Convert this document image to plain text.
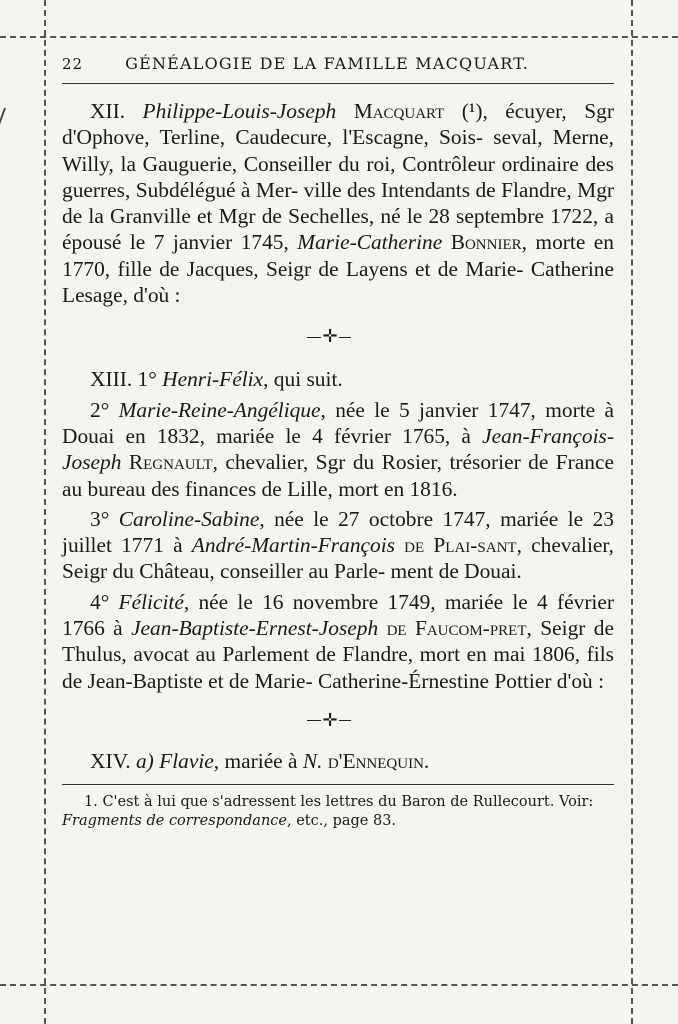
22	GÉNÉALOGIE DE LA FAMILLE MACQUART.

XII. Philippe-Louis-Joseph Macquart (¹), écuyer, Sgr d'Ophove, Terline, Caudecure, l'Escagne, Sois- seval, Merne, Willy, la Gauguerie, Conseiller du roi, Contrôleur ordinaire des guerres, Subdélégué à Mer- ville des Intendants de Flandre, Mgr de la Granville et Mgr de Sechelles, né le 28 septembre 1722, a épousé le 7 janvier 1745, Marie-Catherine Bonnier, morte en 1770, fille de Jacques, Seigr de Layens et de Marie- Catherine Lesage, d'où :

✛

XIII. 1° Henri-Félix, qui suit.

2° Marie-Reine-Angélique, née le 5 janvier 1747, morte à Douai en 1832, mariée le 4 février 1765, à Jean-François-Joseph Regnault, chevalier, Sgr du Rosier, trésorier de France au bureau des finances de Lille, mort en 1816.

3° Caroline-Sabine, née le 27 octobre 1747, mariée le 23 juillet 1771 à André-Martin-François de Plai-sant, chevalier, Seigr du Château, conseiller au Parle- ment de Douai.

4° Félicité, née le 16 novembre 1749, mariée le 4 février 1766 à Jean-Baptiste-Ernest-Joseph de Faucom-pret, Seigr de Thulus, avocat au Parlement de Flandre, mort en mai 1806, fils de Jean-Baptiste et de Marie- Catherine-Érnestine Pottier d'où :

✛

XIV. a) Flavie, mariée à N. d'Ennequin.

1. C'est à lui que s'adressent les lettres du Baron de Rullecourt. Voir:
Fragments de correspondance, etc., page 83.
